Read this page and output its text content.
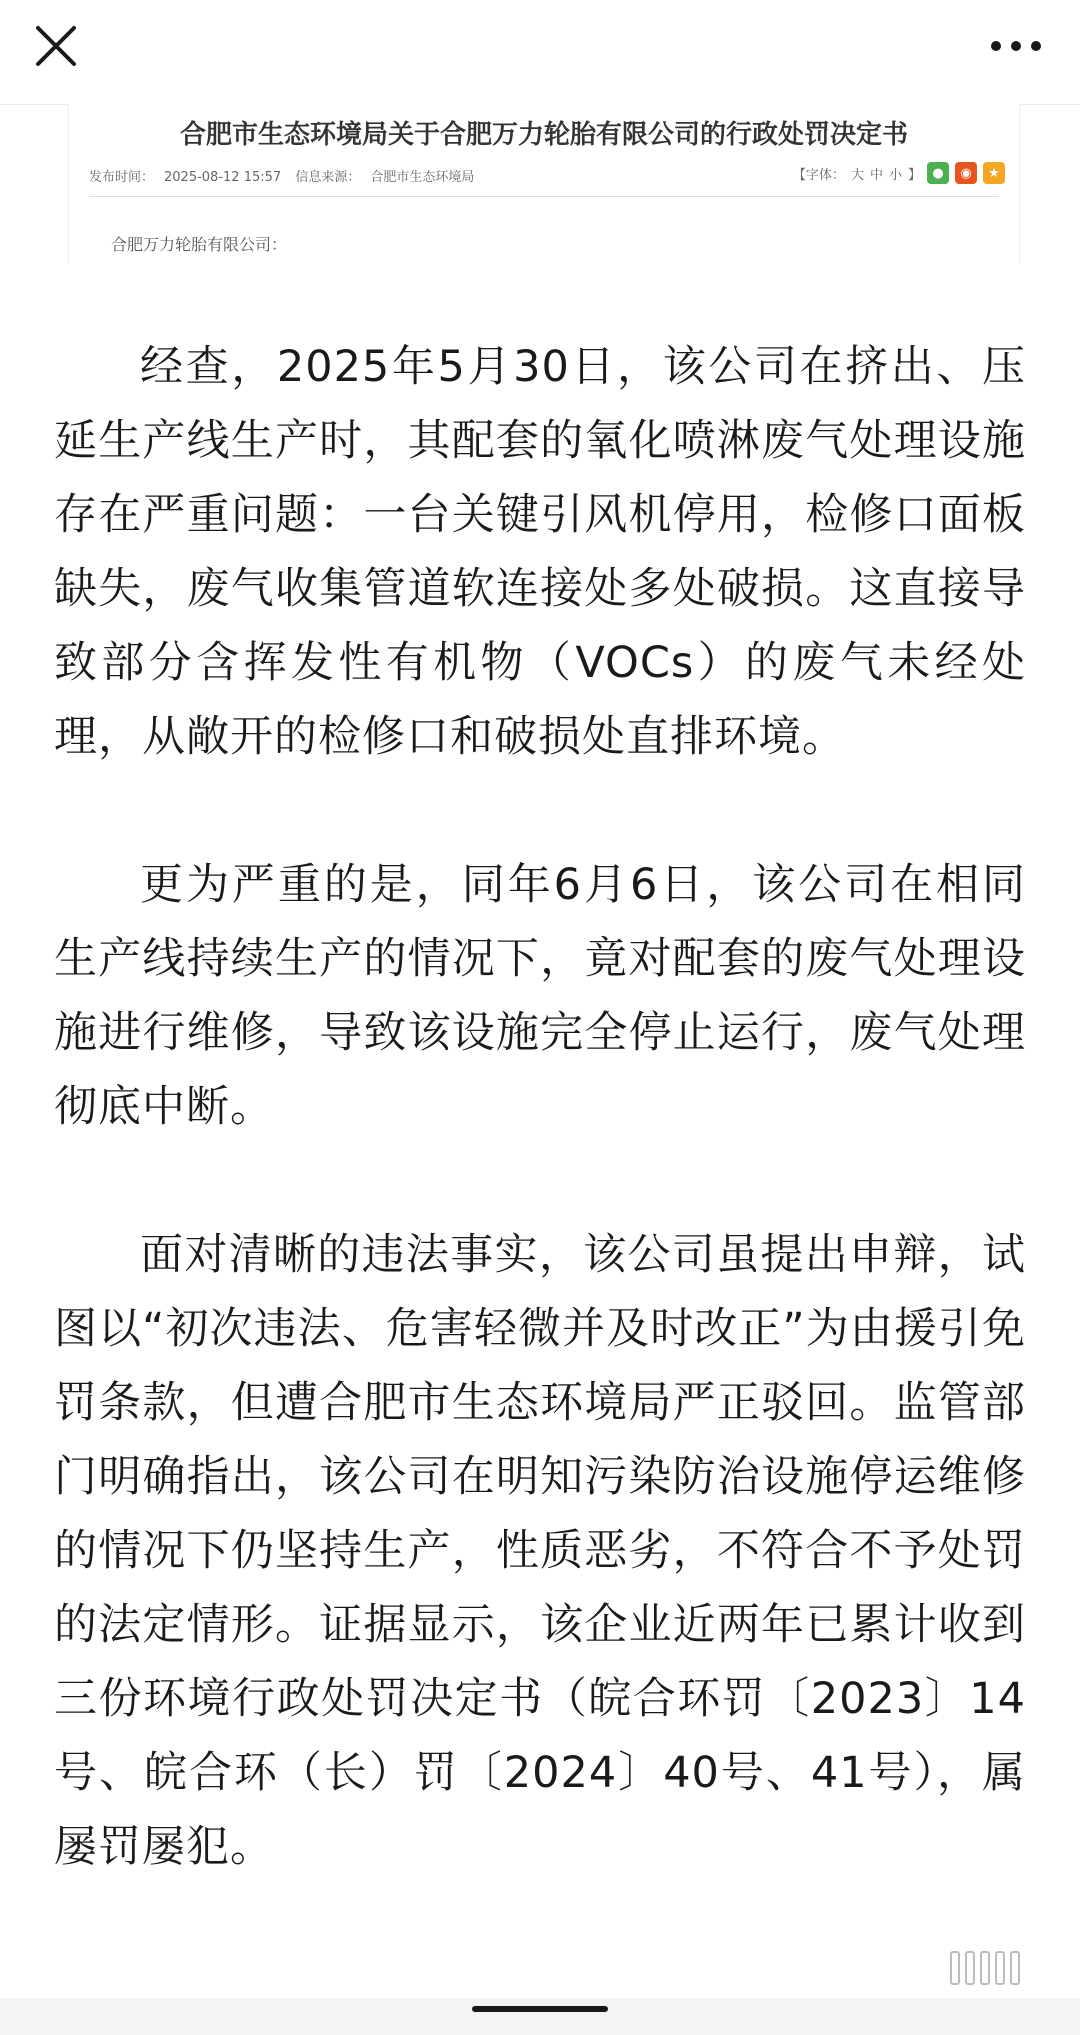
合肥市生态环境局关于合肥万力轮胎有限公司的行政处罚决定书
发布时间： 2025-08-12 15:57 信息来源： 合肥市生态环境局	【字体： 大 中 小 】 ●	◉	★
合肥万力轮胎有限公司：

经查，2025年5月30日，该公司在挤出、压延生产线生产时，其配套的氧化喷淋废气处理设施存在严重问题：一台关键引风机停用，检修口面板缺失，废气收集管道软连接处多处破损。这直接导致部分含挥发性有机物（VOCs）的废气未经处理，从敞开的检修口和破损处直排环境。

更为严重的是，同年6月6日，该公司在相同生产线持续生产的情况下，竟对配套的废气处理设施进行维修，导致该设施完全停止运行，废气处理彻底中断。

面对清晰的违法事实，该公司虽提出申辩，试图以“初次违法、危害轻微并及时改正”为由援引免罚条款，但遭合肥市生态环境局严正驳回。监管部门明确指出，该公司在明知污染防治设施停运维修的情况下仍坚持生产，性质恶劣，不符合不予处罚的法定情形。证据显示，该企业近两年已累计收到三份环境行政处罚决定书（皖合环罚〔2023〕14号、皖合环（长）罚〔2024〕40号、41号），属屡罚屡犯。
